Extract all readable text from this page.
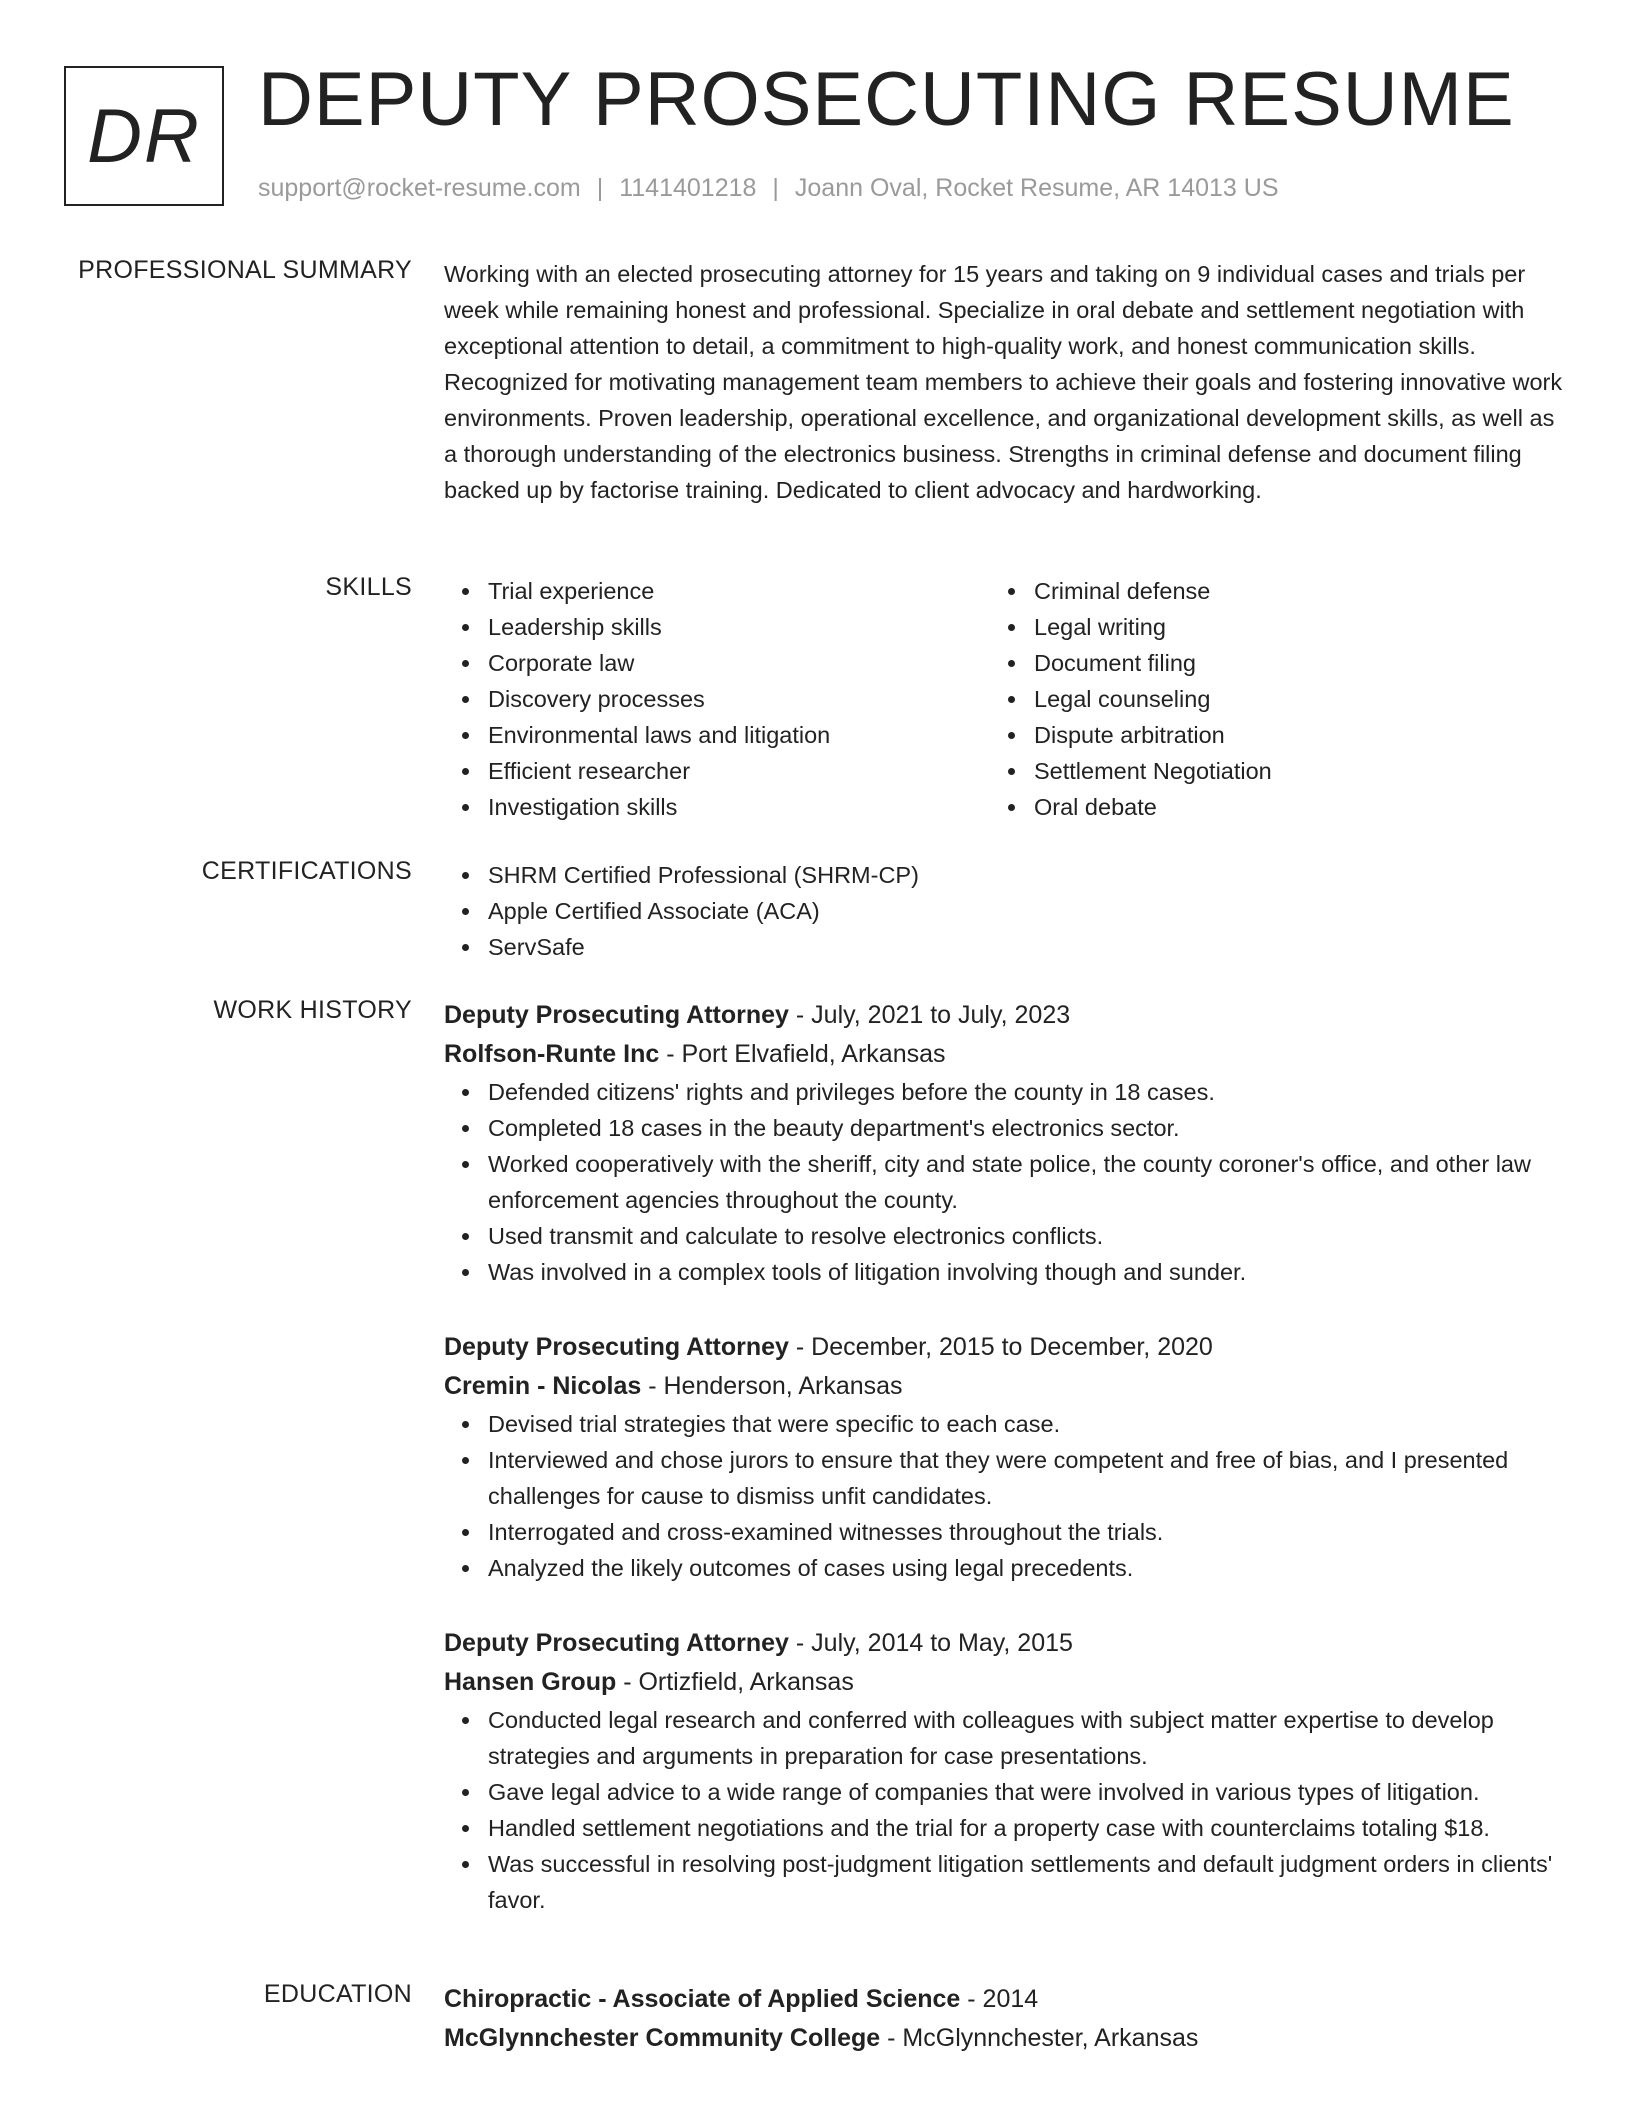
DR DEPUTY PROSECUTING RESUME
support@rocket-resume.com | 1141401218 | Joann Oval, Rocket Resume, AR 14013 US
PROFESSIONAL SUMMARY Working with an elected prosecuting attorney for 15 years and taking on 9 individual cases and trials per week while remaining honest and professional. Specialize in oral debate and settlement negotiation with exceptional attention to detail, a commitment to high-quality work, and honest communication skills. Recognized for motivating management team members to achieve their goals and fostering innovative work environments. Proven leadership, operational excellence, and organizational development skills, as well as a thorough understanding of the electronics business. Strengths in criminal defense and document filing backed up by factorise training. Dedicated to client advocacy and hardworking.

SKILLS	Trial experience
Leadership skills
Corporate law
Discovery processes
Environmental laws and litigation
Efficient researcher
Investigation skills
Criminal defense
Legal writing
Document filing
Legal counseling
Dispute arbitration
Settlement Negotiation
Oral debate
CERTIFICATIONS	SHRM Certified Professional (SHRM-CP)
Apple Certified Associate (ACA)
ServSafe
WORK HISTORY Deputy Prosecuting Attorney - July, 2021 to July, 2023
Rolfson-Runte Inc - Port Elvafield, Arkansas
Defended citizens' rights and privileges before the county in 18 cases.
Completed 18 cases in the beauty department's electronics sector.
Worked cooperatively with the sheriff, city and state police, the county coroner's office, and other law enforcement agencies throughout the county.
Used transmit and calculate to resolve electronics conflicts.
Was involved in a complex tools of litigation involving though and sunder.
Deputy Prosecuting Attorney - December, 2015 to December, 2020
Cremin - Nicolas - Henderson, Arkansas
Devised trial strategies that were specific to each case.
Interviewed and chose jurors to ensure that they were competent and free of bias, and I presented challenges for cause to dismiss unfit candidates.
Interrogated and cross-examined witnesses throughout the trials.
Analyzed the likely outcomes of cases using legal precedents.
Deputy Prosecuting Attorney - July, 2014 to May, 2015
Hansen Group - Ortizfield, Arkansas
Conducted legal research and conferred with colleagues with subject matter expertise to develop strategies and arguments in preparation for case presentations.
Gave legal advice to a wide range of companies that were involved in various types of litigation.
Handled settlement negotiations and the trial for a property case with counterclaims totaling $18.
Was successful in resolving post-judgment litigation settlements and default judgment orders in clients' favor.
EDUCATION Chiropractic - Associate of Applied Science - 2014
McGlynnchester Community College - McGlynnchester, Arkansas
